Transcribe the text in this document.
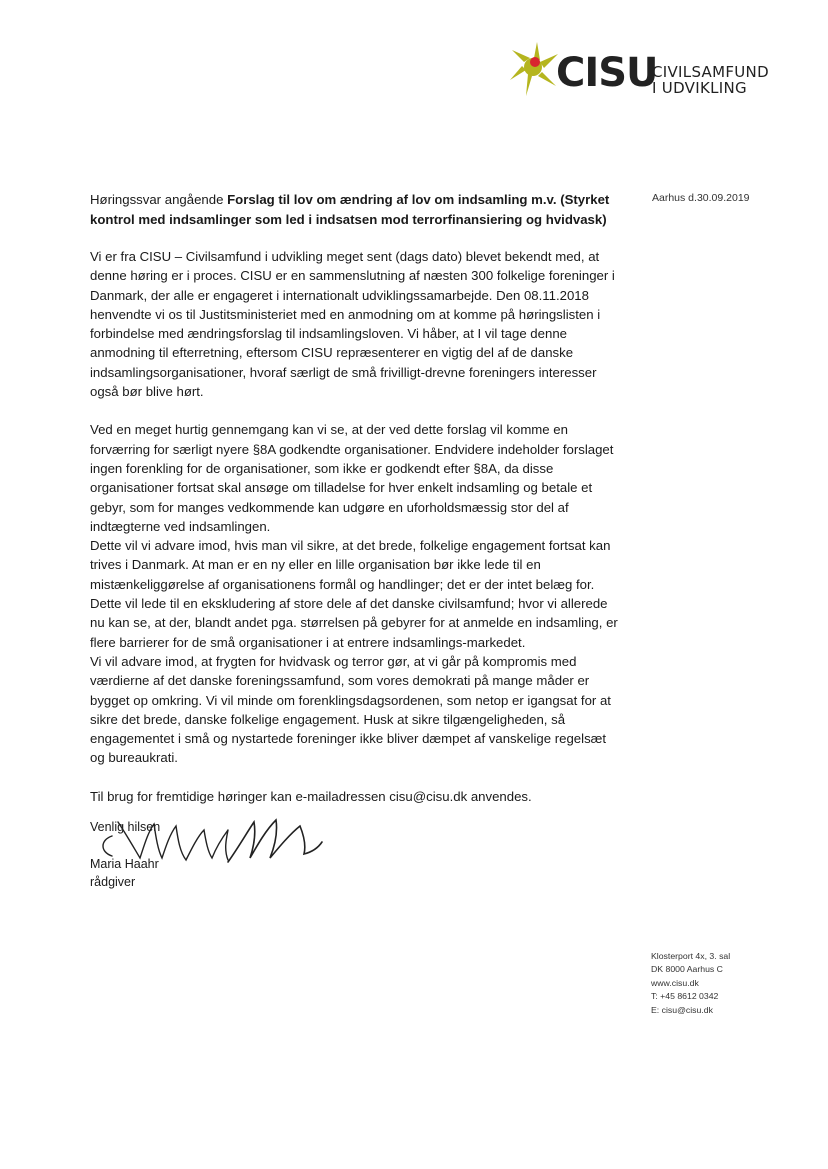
CISU
CIVILSAMFUND
I UDVIKLING
Aarhus d.30.09.2019
Høringssvar angående Forslag til lov om ændring af lov om indsamling m.v. (Styrket kontrol med indsamlinger som led i indsatsen mod terrorfinansiering og hvidvask)

Vi er fra CISU – Civilsamfund i udvikling meget sent (dags dato) blevet bekendt med, at denne høring er i proces. CISU er en sammenslutning af næsten 300 folkelige foreninger i Danmark, der alle er engageret i internationalt udviklingssamarbejde. Den 08.11.2018 henvendte vi os til Justitsministeriet med en anmodning om at komme på høringslisten i forbindelse med ændringsforslag til indsamlingsloven. Vi håber, at I vil tage denne anmodning til efterretning, eftersom CISU repræsenterer en vigtig del af de danske indsamlingsorganisationer, hvoraf særligt de små frivilligt-drevne foreningers interesser også bør blive hørt.

Ved en meget hurtig gennemgang kan vi se, at der ved dette forslag vil komme en forværring for særligt nyere §8A godkendte organisationer. Endvidere indeholder forslaget ingen forenkling for de organisationer, som ikke er godkendt efter §8A, da disse organisationer fortsat skal ansøge om tilladelse for hver enkelt indsamling og betale et gebyr, som for manges vedkommende kan udgøre en uforholdsmæssig stor del af indtægterne ved indsamlingen.

Dette vil vi advare imod, hvis man vil sikre, at det brede, folkelige engagement fortsat kan trives i Danmark. At man er en ny eller en lille organisation bør ikke lede til en mistænkeliggørelse af organisationens formål og handlinger; det er der intet belæg for. Dette vil lede til en ekskludering af store dele af det danske civilsamfund; hvor vi allerede nu kan se, at der, blandt andet pga. størrelsen på gebyrer for at anmelde en indsamling, er flere barrierer for de små organisationer i at entrere indsamlings-markedet.

Vi vil advare imod, at frygten for hvidvask og terror gør, at vi går på kompromis med værdierne af det danske foreningssamfund, som vores demokrati på mange måder er bygget op omkring. Vi vil minde om forenklingsdagsordenen, som netop er igangsat for at sikre det brede, danske folkelige engagement. Husk at sikre tilgængeligheden, så engagementet i små og nystartede foreninger ikke bliver dæmpet af vanskelige regelsæt og bureaukrati.

Til brug for fremtidige høringer kan e-mailadressen cisu@cisu.dk anvendes.

Venlig hilsen
Maria Haahr
rådgiver
Klosterport 4x, 3. sal
DK 8000 Aarhus C
www.cisu.dk
T: +45 8612 0342
E: cisu@cisu.dk
